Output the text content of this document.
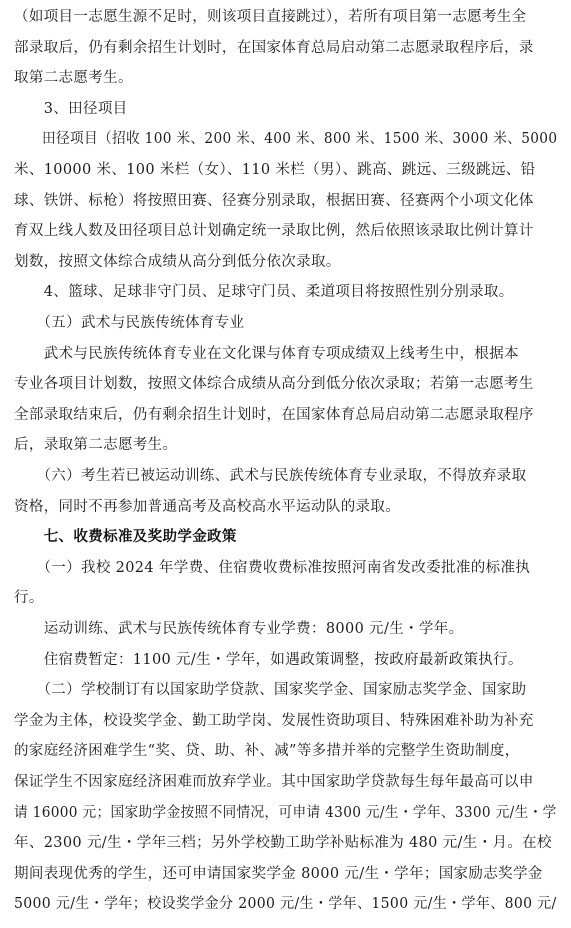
（如项目一志愿生源不足时，则该项目直接跳过），若所有项目第一志愿考生全
部录取后，仍有剩余招生计划时，在国家体育总局启动第二志愿录取程序后，录
取第二志愿考生。
　　3、田径项目
　　田径项目（招收 100 米、200 米、400 米、800 米、1500 米、3000 米、5000
米、10000 米、100 米栏（女）、110 米栏（男）、跳高、跳远、三级跳远、铅
球、铁饼、标枪）将按照田赛、径赛分别录取，根据田赛、径赛两个小项文化体
育双上线人数及田径项目总计划确定统一录取比例，然后依照该录取比例计算计
划数，按照文体综合成绩从高分到低分依次录取。
　　4、篮球、足球非守门员、足球守门员、柔道项目将按照性别分别录取。
　　（五）武术与民族传统体育专业
　　武术与民族传统体育专业在文化课与体育专项成绩双上线考生中，根据本
专业各项目计划数，按照文体综合成绩从高分到低分依次录取；若第一志愿考生
全部录取结束后，仍有剩余招生计划时，在国家体育总局启动第二志愿录取程序
后，录取第二志愿考生。
　　（六）考生若已被运动训练、武术与民族传统体育专业录取，不得放弃录取
资格，同时不再参加普通高考及高校高水平运动队的录取。
　　七、收费标准及奖助学金政策
　　（一）我校 2024 年学费、住宿费收费标准按照河南省发改委批准的标准执
行。
　　运动训练、武术与民族传统体育专业学费：8000 元/生・学年。
　　住宿费暂定：1100 元/生・学年，如遇政策调整，按政府最新政策执行。
　　（二）学校制订有以国家助学贷款、国家奖学金、国家励志奖学金、国家助
学金为主体，校设奖学金、勤工助学岗、发展性资助项目、特殊困难补助为补充
的家庭经济困难学生“奖、贷、助、补、减”等多措并举的完整学生资助制度，
保证学生不因家庭经济困难而放弃学业。其中国家助学贷款每生每年最高可以申
请 16000 元；国家助学金按照不同情况，可申请 4300 元/生・学年、3300 元/生・学
年、2300 元/生・学年三档；另外学校勤工助学补贴标准为 480 元/生・月。在校
期间表现优秀的学生，还可申请国家奖学金 8000 元/生・学年；国家励志奖学金
5000 元/生・学年；校设奖学金分 2000 元/生・学年、1500 元/生・学年、800 元/
